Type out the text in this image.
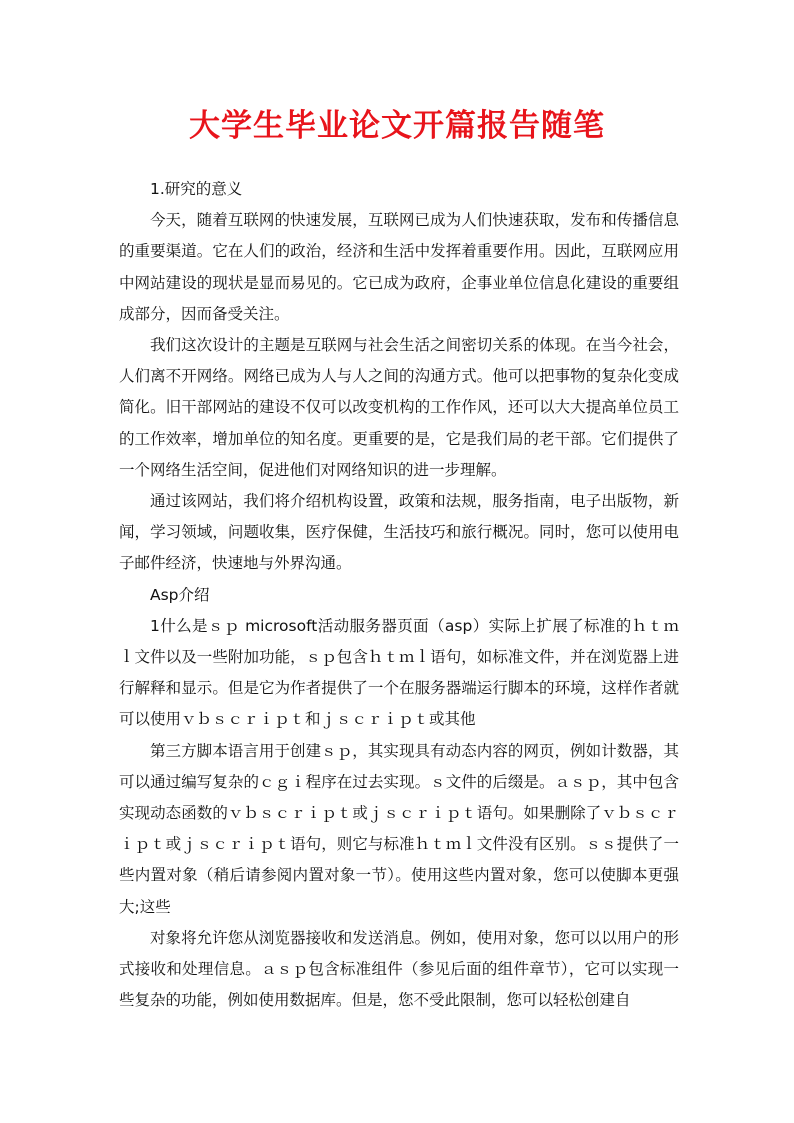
大学生毕业论文开篇报告随笔

1.研究的意义

今天，随着互联网的快速发展，互联网已成为人们快速获取，发布和传播信息的重要渠道。它在人们的政治，经济和生活中发挥着重要作用。因此，互联网应用中网站建设的现状是显而易见的。它已成为政府，企事业单位信息化建设的重要组成部分，因而备受关注。

我们这次设计的主题是互联网与社会生活之间密切关系的体现。在当今社会，人们离不开网络。网络已成为人与人之间的沟通方式。他可以把事物的复杂化变成简化。旧干部网站的建设不仅可以改变机构的工作作风，还可以大大提高单位员工的工作效率，增加单位的知名度。更重要的是，它是我们局的老干部。它们提供了一个网络生活空间，促进他们对网络知识的进一步理解。

通过该网站，我们将介绍机构设置，政策和法规，服务指南，电子出版物，新闻，学习领域，问题收集，医疗保健，生活技巧和旅行概况。同时，您可以使用电子邮件经济，快速地与外界沟通。

Asp介绍

1什么是ｓｐ microsoft活动服务器页面（asp）实际上扩展了标准的ｈｔｍｌ文件以及一些附加功能，ｓｐ包含ｈｔｍｌ语句，如标准文件，并在浏览器上进行解释和显示。但是它为作者提供了一个在服务器端运行脚本的环境，这样作者就可以使用ｖｂｓｃｒｉｐｔ和ｊｓｃｒｉｐｔ或其他

第三方脚本语言用于创建ｓｐ，其实现具有动态内容的网页，例如计数器，其可以通过编写复杂的ｃｇｉ程序在过去实现。ｓ文件的后缀是。ａｓｐ，其中包含实现动态函数的ｖｂｓｃｒｉｐｔ或ｊｓｃｒｉｐｔ语句。如果删除了ｖｂｓｃｒｉｐｔ或ｊｓｃｒｉｐｔ语句，则它与标准ｈｔｍｌ文件没有区别。ｓｓ提供了一些内置对象（稍后请参阅内置对象一节）。使用这些内置对象，您可以使脚本更强大;这些

对象将允许您从浏览器接收和发送消息。例如，使用对象，您可以以用户的形式接收和处理信息。ａｓｐ包含标准组件（参见后面的组件章节），它可以实现一些复杂的功能，例如使用数据库。但是，您不受此限制，您可以轻松创建自
